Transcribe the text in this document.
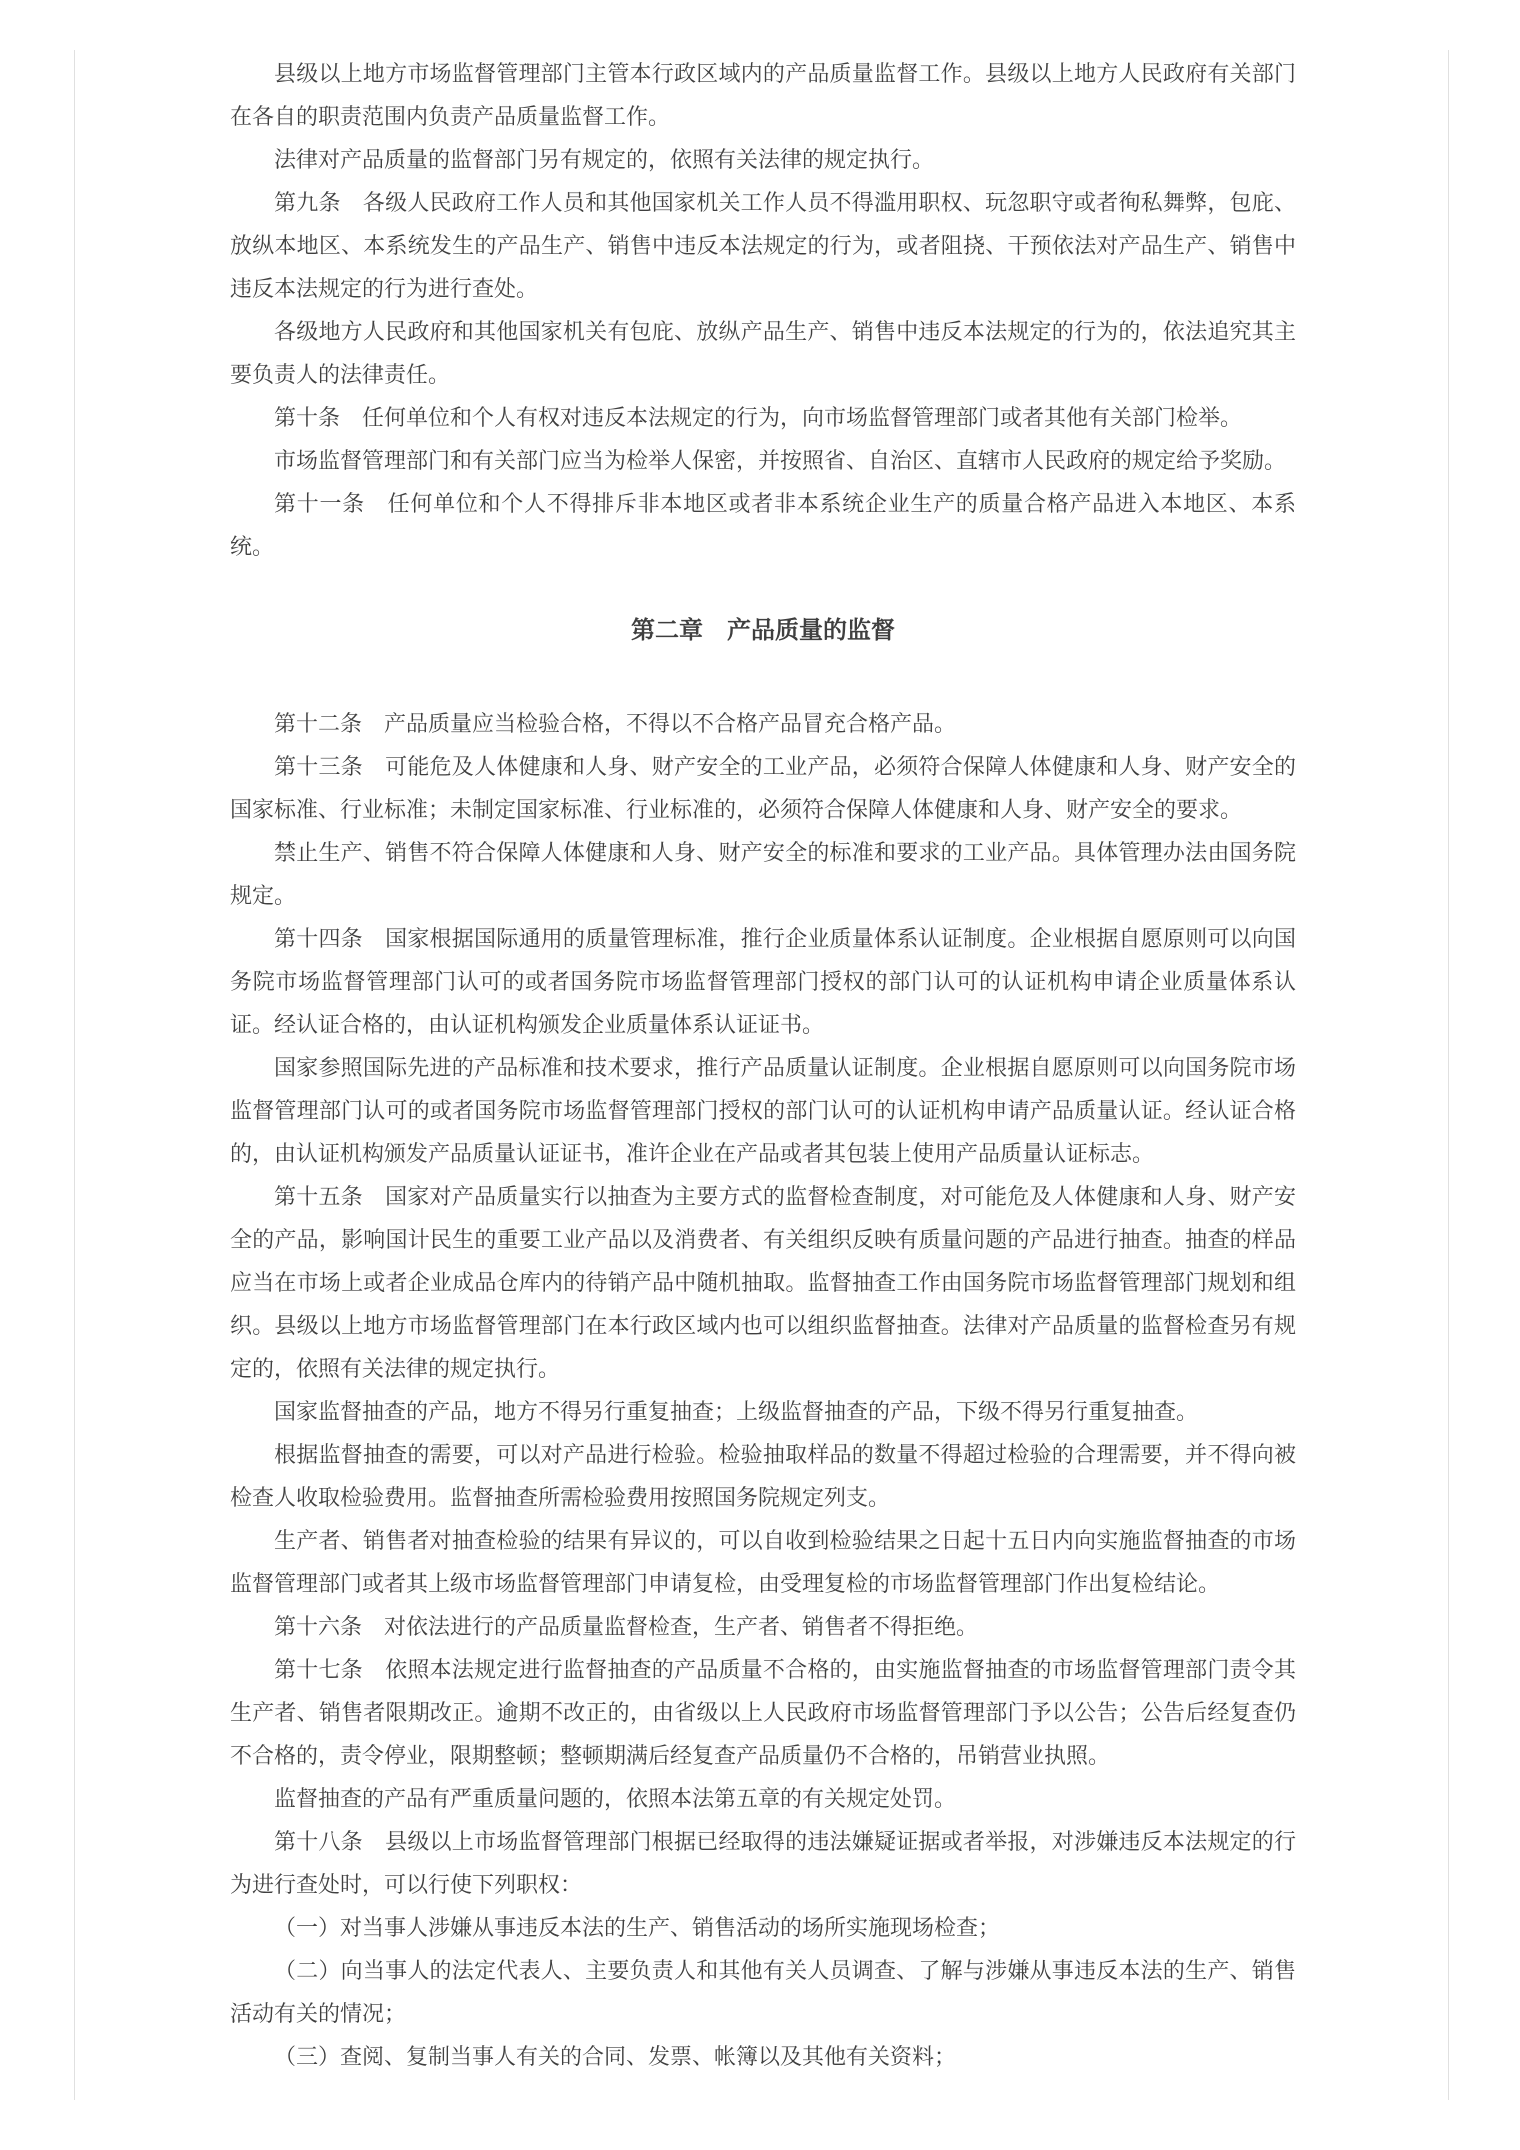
县级以上地方市场监督管理部门主管本行政区域内的产品质量监督工作。县级以上地方人民政府有关部门在各自的职责范围内负责产品质量监督工作。

法律对产品质量的监督部门另有规定的，依照有关法律的规定执行。

第九条　各级人民政府工作人员和其他国家机关工作人员不得滥用职权、玩忽职守或者徇私舞弊，包庇、放纵本地区、本系统发生的产品生产、销售中违反本法规定的行为，或者阻挠、干预依法对产品生产、销售中违反本法规定的行为进行查处。

各级地方人民政府和其他国家机关有包庇、放纵产品生产、销售中违反本法规定的行为的，依法追究其主要负责人的法律责任。

第十条　任何单位和个人有权对违反本法规定的行为，向市场监督管理部门或者其他有关部门检举。

市场监督管理部门和有关部门应当为检举人保密，并按照省、自治区、直辖市人民政府的规定给予奖励。

第十一条　任何单位和个人不得排斥非本地区或者非本系统企业生产的质量合格产品进入本地区、本系统。

第二章　产品质量的监督

第十二条　产品质量应当检验合格，不得以不合格产品冒充合格产品。

第十三条　可能危及人体健康和人身、财产安全的工业产品，必须符合保障人体健康和人身、财产安全的国家标准、行业标准；未制定国家标准、行业标准的，必须符合保障人体健康和人身、财产安全的要求。

禁止生产、销售不符合保障人体健康和人身、财产安全的标准和要求的工业产品。具体管理办法由国务院规定。

第十四条　国家根据国际通用的质量管理标准，推行企业质量体系认证制度。企业根据自愿原则可以向国务院市场监督管理部门认可的或者国务院市场监督管理部门授权的部门认可的认证机构申请企业质量体系认证。经认证合格的，由认证机构颁发企业质量体系认证证书。

国家参照国际先进的产品标准和技术要求，推行产品质量认证制度。企业根据自愿原则可以向国务院市场监督管理部门认可的或者国务院市场监督管理部门授权的部门认可的认证机构申请产品质量认证。经认证合格的，由认证机构颁发产品质量认证证书，准许企业在产品或者其包装上使用产品质量认证标志。

第十五条　国家对产品质量实行以抽查为主要方式的监督检查制度，对可能危及人体健康和人身、财产安全的产品，影响国计民生的重要工业产品以及消费者、有关组织反映有质量问题的产品进行抽查。抽查的样品应当在市场上或者企业成品仓库内的待销产品中随机抽取。监督抽查工作由国务院市场监督管理部门规划和组织。县级以上地方市场监督管理部门在本行政区域内也可以组织监督抽查。法律对产品质量的监督检查另有规定的，依照有关法律的规定执行。

国家监督抽查的产品，地方不得另行重复抽查；上级监督抽查的产品，下级不得另行重复抽查。

根据监督抽查的需要，可以对产品进行检验。检验抽取样品的数量不得超过检验的合理需要，并不得向被检查人收取检验费用。监督抽查所需检验费用按照国务院规定列支。

生产者、销售者对抽查检验的结果有异议的，可以自收到检验结果之日起十五日内向实施监督抽查的市场监督管理部门或者其上级市场监督管理部门申请复检，由受理复检的市场监督管理部门作出复检结论。

第十六条　对依法进行的产品质量监督检查，生产者、销售者不得拒绝。

第十七条　依照本法规定进行监督抽查的产品质量不合格的，由实施监督抽查的市场监督管理部门责令其生产者、销售者限期改正。逾期不改正的，由省级以上人民政府市场监督管理部门予以公告；公告后经复查仍不合格的，责令停业，限期整顿；整顿期满后经复查产品质量仍不合格的，吊销营业执照。

监督抽查的产品有严重质量问题的，依照本法第五章的有关规定处罚。

第十八条　县级以上市场监督管理部门根据已经取得的违法嫌疑证据或者举报，对涉嫌违反本法规定的行为进行查处时，可以行使下列职权：

（一）对当事人涉嫌从事违反本法的生产、销售活动的场所实施现场检查；

（二）向当事人的法定代表人、主要负责人和其他有关人员调查、了解与涉嫌从事违反本法的生产、销售活动有关的情况；

（三）查阅、复制当事人有关的合同、发票、帐簿以及其他有关资料；
